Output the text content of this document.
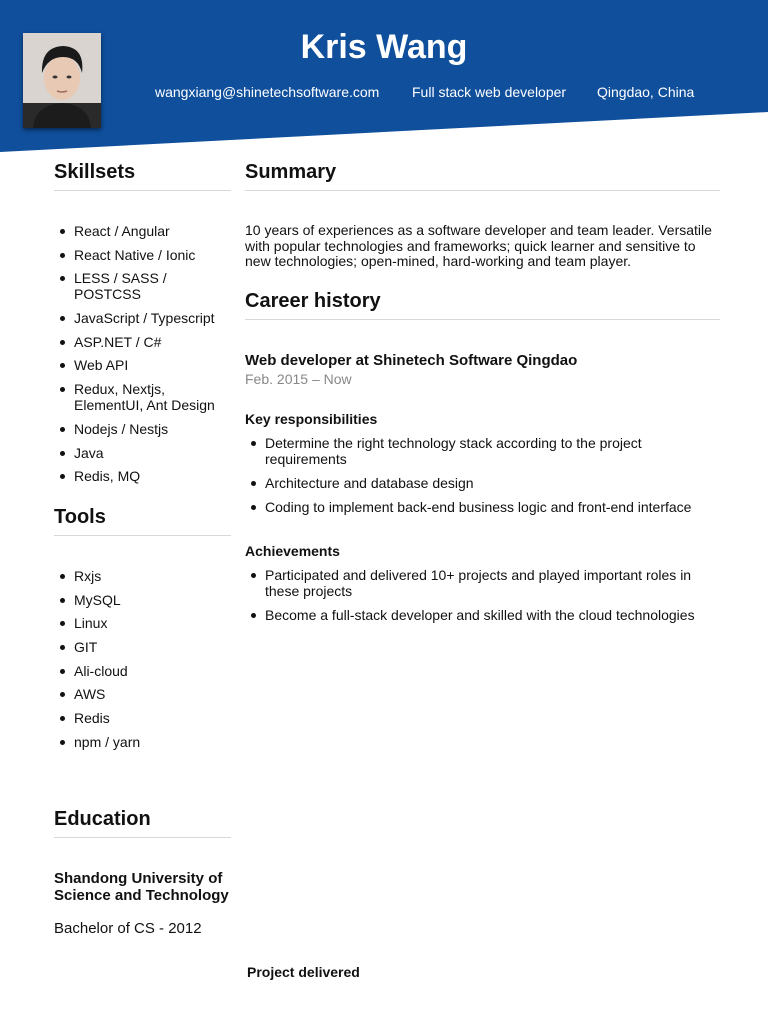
Kris Wang
wangxiang@shinetechsoftware.com Full stack web developer Qingdao, China
Skillsets
React / Angular
React Native / Ionic
LESS / SASS / POSTCSS
JavaScript / Typescript
ASP.NET / C#
Web API
Redux, Nextjs, ElementUI, Ant Design
Nodejs / Nestjs
Java
Redis, MQ
Tools
Rxjs
MySQL
Linux
GIT
Ali-cloud
AWS
Redis
npm / yarn
Education
Shandong University of Science and Technology
Bachelor of CS - 2012
Summary
10 years of experiences as a software developer and team leader. Versatile with popular technologies and frameworks; quick learner and sensitive to new technologies; open-mined, hard-working and team player.
Career history
Web developer at Shinetech Software Qingdao
Feb. 2015 – Now
Key responsibilities
Determine the right technology stack according to the project requirements
Architecture and database design
Coding to implement back-end business logic and front-end interface
Achievements
Participated and delivered 10+ projects and played important roles in these projects
Become a full-stack developer and skilled with the cloud technologies
Project delivered
